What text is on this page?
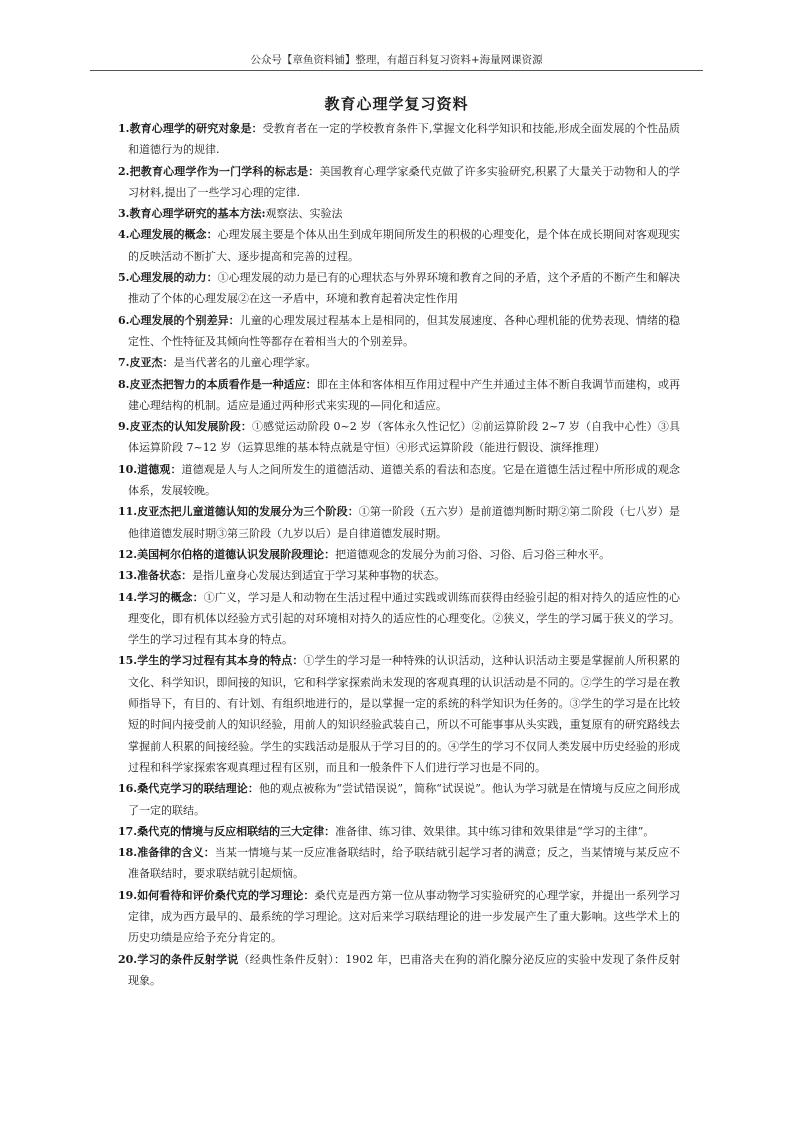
公众号【章鱼资料铺】整理，有超百科复习资料+海量网课资源
教育心理学复习资料

1.教育心理学的研究对象是：受教育者在一定的学校教育条件下,掌握文化科学知识和技能,形成全面发展的个性品质和道德行为的规律.

2.把教育心理学作为一门学科的标志是：美国教育心理学家桑代克做了许多实验研究,积累了大量关于动物和人的学习材料,提出了一些学习心理的定律.

3.教育心理学研究的基本方法:观察法、实验法

4.心理发展的概念：心理发展主要是个体从出生到成年期间所发生的积极的心理变化，是个体在成长期间对客观现实的反映活动不断扩大、逐步提高和完善的过程。

5.心理发展的动力：①心理发展的动力是已有的心理状态与外界环境和教育之间的矛盾，这个矛盾的不断产生和解决推动了个体的心理发展②在这一矛盾中，环境和教育起着决定性作用

6.心理发展的个别差异：儿童的心理发展过程基本上是相同的，但其发展速度、各种心理机能的优势表现、情绪的稳定性、个性特征及其倾向性等都存在着相当大的个别差异。

7.皮亚杰：是当代著名的儿童心理学家。

8.皮亚杰把智力的本质看作是一种适应：即在主体和客体相互作用过程中产生并通过主体不断自我调节而建构，或再建心理结构的机制。适应是通过两种形式来实现的—同化和适应。

9.皮亚杰的认知发展阶段：①感觉运动阶段 0~2 岁（客体永久性记忆）②前运算阶段 2~7 岁（自我中心性）③具体运算阶段 7~12 岁（运算思维的基本特点就是守恒）④形式运算阶段（能进行假设、演绎推理）

10.道德观：道德观是人与人之间所发生的道德活动、道德关系的看法和态度。它是在道德生活过程中所形成的观念体系，发展较晚。

11.皮亚杰把儿童道德认知的发展分为三个阶段：①第一阶段（五六岁）是前道德判断时期②第二阶段（七八岁）是他律道德发展时期③第三阶段（九岁以后）是自律道德发展时期。

12.美国柯尔伯格的道德认识发展阶段理论：把道德观念的发展分为前习俗、习俗、后习俗三种水平。

13.准备状态：是指儿童身心发展达到适宜于学习某种事物的状态。

14.学习的概念：①广义，学习是人和动物在生活过程中通过实践或训练而获得由经验引起的相对持久的适应性的心理变化，即有机体以经验方式引起的对环境相对持久的适应性的心理变化。②狭义，学生的学习属于狭义的学习。学生的学习过程有其本身的特点。

15.学生的学习过程有其本身的特点：①学生的学习是一种特殊的认识活动，这种认识活动主要是掌握前人所积累的文化、科学知识，即间接的知识，它和科学家探索尚未发现的客观真理的认识活动是不同的。②学生的学习是在教师指导下，有目的、有计划、有组织地进行的，是以掌握一定的系统的科学知识为任务的。③学生的学习是在比较短的时间内接受前人的知识经验，用前人的知识经验武装自己，所以不可能事事从头实践，重复原有的研究路线去掌握前人积累的间接经验。学生的实践活动是服从于学习目的的。④学生的学习不仅同人类发展中历史经验的形成过程和科学家探索客观真理过程有区别，而且和一般条件下人们进行学习也是不同的。

16.桑代克学习的联结理论：他的观点被称为“尝试错误说”，简称“试误说”。他认为学习就是在情境与反应之间形成了一定的联结。

17.桑代克的情境与反应相联结的三大定律：准备律、练习律、效果律。其中练习律和效果律是“学习的主律”。

18.准备律的含义：当某一情境与某一反应准备联结时，给予联结就引起学习者的满意；反之，当某情境与某反应不准备联结时，要求联结就引起烦恼。

19.如何看待和评价桑代克的学习理论：桑代克是西方第一位从事动物学习实验研究的心理学家，并提出一系列学习定律，成为西方最早的、最系统的学习理论。这对后来学习联结理论的进一步发展产生了重大影响。这些学术上的历史功绩是应给予充分肯定的。

20.学习的条件反射学说（经典性条件反射）：1902 年，巴甫洛夫在狗的消化腺分泌反应的实验中发现了条件反射现象。
